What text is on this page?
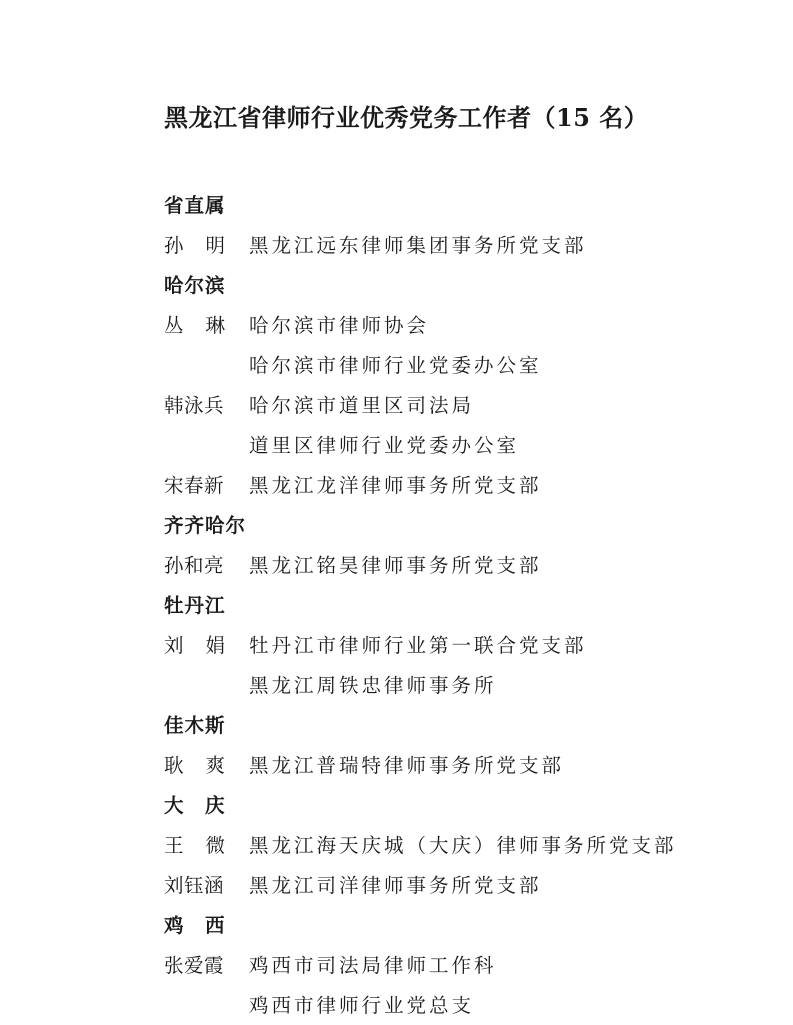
黑龙江省律师行业优秀党务工作者（15 名）
省直属
孙 明 黑龙江远东律师集团事务所党支部
哈尔滨
丛 琳 哈尔滨市律师协会
哈尔滨市律师行业党委办公室
韩泳兵	哈尔滨市道里区司法局
道里区律师行业党委办公室
宋春新	黑龙江龙洋律师事务所党支部
齐齐哈尔
孙和亮	黑龙江铭昊律师事务所党支部
牡丹江
刘 娟 牡丹江市律师行业第一联合党支部
黑龙江周铁忠律师事务所
佳木斯
耿 爽 黑龙江普瑞特律师事务所党支部
大　庆
王 微 黑龙江海天庆城（大庆）律师事务所党支部
刘钰涵	黑龙江司洋律师事务所党支部
鸡　西
张爱霞	鸡西市司法局律师工作科
鸡西市律师行业党总支
